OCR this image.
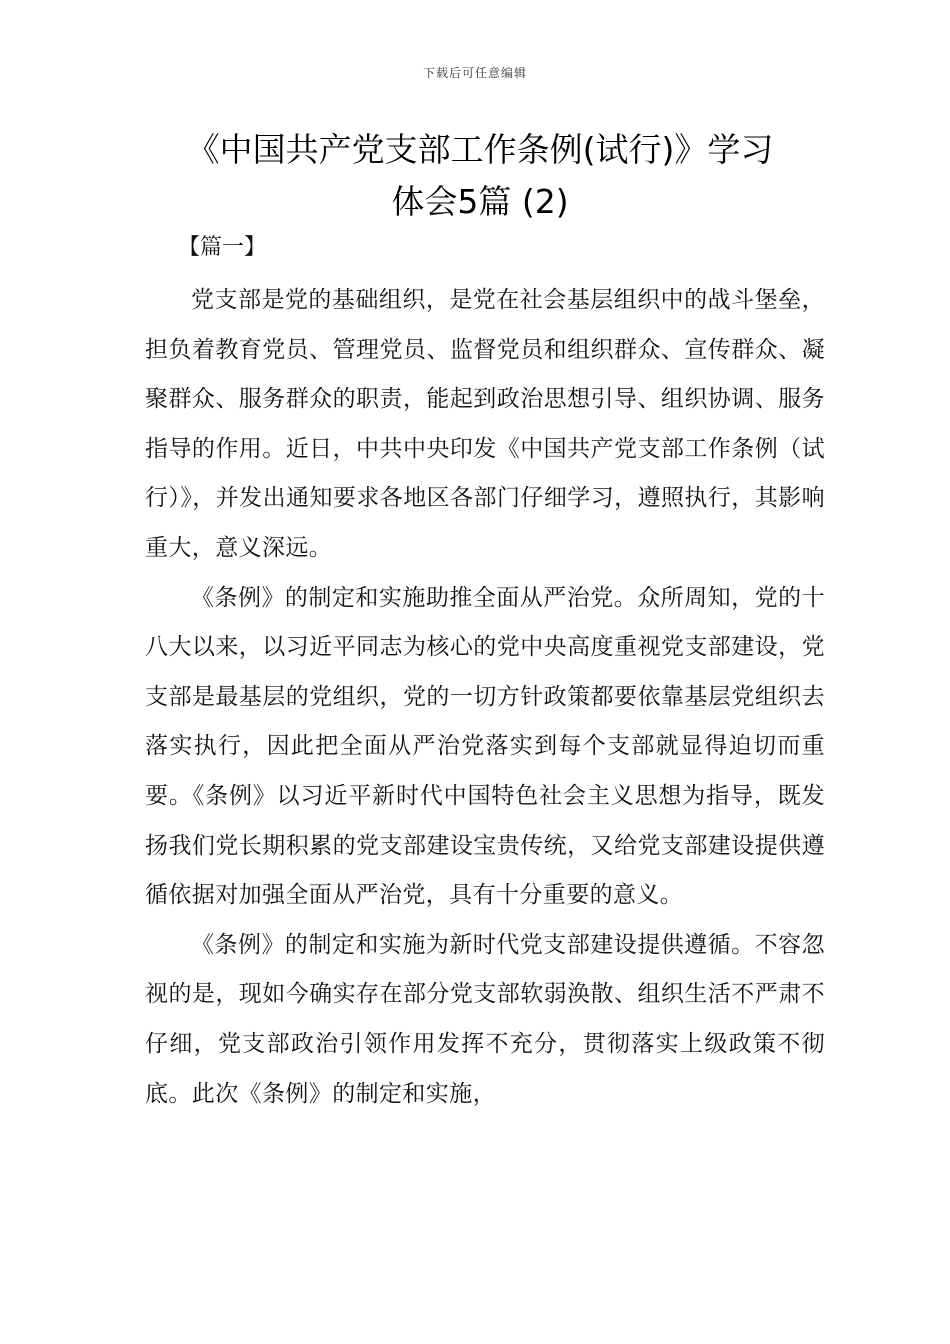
下载后可任意编辑
《中国共产党支部工作条例(试行)》学习
体会5篇 (2)
【篇一】

党支部是党的基础组织，是党在社会基层组织中的战斗堡垒，担负着教育党员、管理党员、监督党员和组织群众、宣传群众、凝聚群众、服务群众的职责，能起到政治思想引导、组织协调、服务指导的作用。近日，中共中央印发《中国共产党支部工作条例（试行）》，并发出通知要求各地区各部门仔细学习，遵照执行，其影响重大，意义深远。

《条例》的制定和实施助推全面从严治党。众所周知，党的十八大以来，以习近平同志为核心的党中央高度重视党支部建设，党支部是最基层的党组织，党的一切方针政策都要依靠基层党组织去落实执行，因此把全面从严治党落实到每个支部就显得迫切而重要。《条例》以习近平新时代中国特色社会主义思想为指导，既发扬我们党长期积累的党支部建设宝贵传统，又给党支部建设提供遵循依据对加强全面从严治党，具有十分重要的意义。

《条例》的制定和实施为新时代党支部建设提供遵循。不容忽视的是，现如今确实存在部分党支部软弱涣散、组织生活不严肃不仔细，党支部政治引领作用发挥不充分，贯彻落实上级政策不彻底。此次《条例》的制定和实施，
